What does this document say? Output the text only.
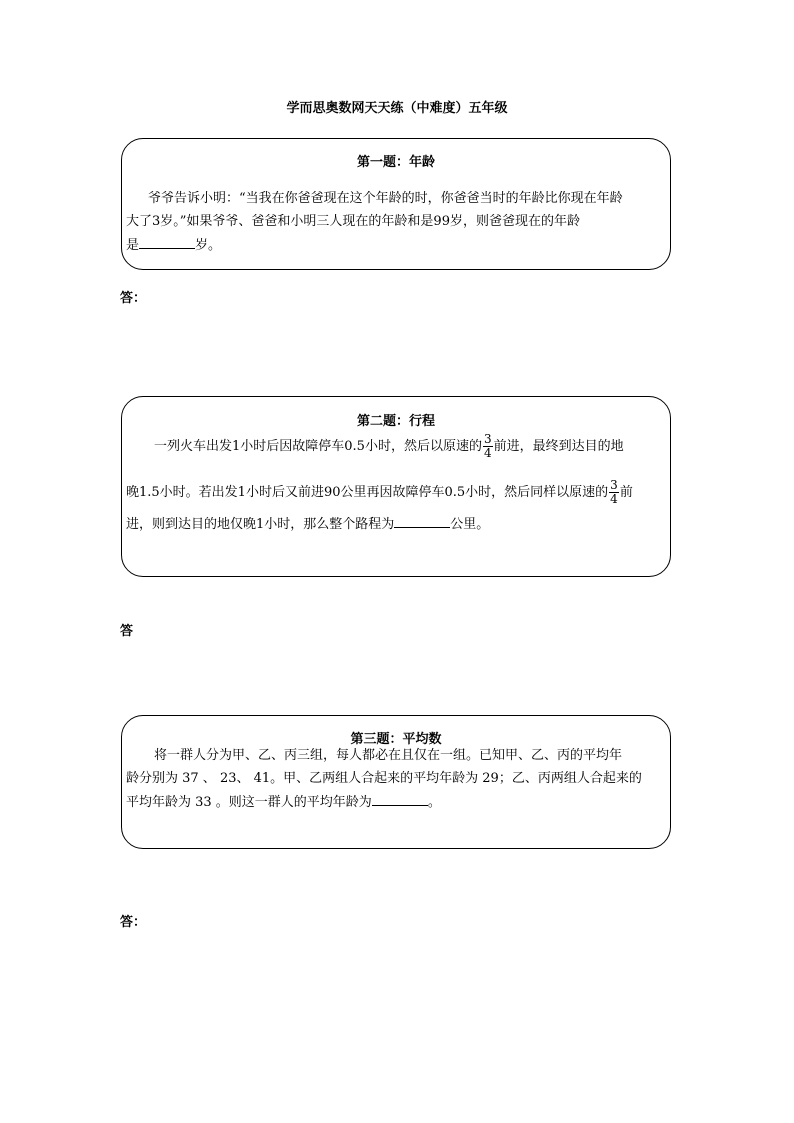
学而思奥数网天天练（中难度）五年级
第一题：年龄
爷爷告诉小明：“当我在你爸爸现在这个年龄的时，你爸爸当时的年龄比你现在年龄
大了3岁。”如果爷爷、爸爸和小明三人现在的年龄和是99岁，则爸爸现在的年龄
是	岁。
答：
第二题：行程
一列火车出发1小时后因故障停车0.5小时，然后以原速的 $\frac{3}{4}$ 前进，最终到达目的地
晚1.5小时。若出发1小时后又前进90公里再因故障停车0.5小时，然后同样以原速的 $\frac{3}{4}$ 前
进，则到达目的地仅晚1小时，那么整个路程为	公里。
答
第三题：平均数
将一群人分为甲、乙、丙三组，每人都必在且仅在一组。已知甲、乙、丙的平均年
龄分别为 37 、 23、 41。甲、乙两组人合起来的平均年龄为 29；乙、丙两组人合起来的
平均年龄为 33 。则这一群人的平均年龄为	。
答：
